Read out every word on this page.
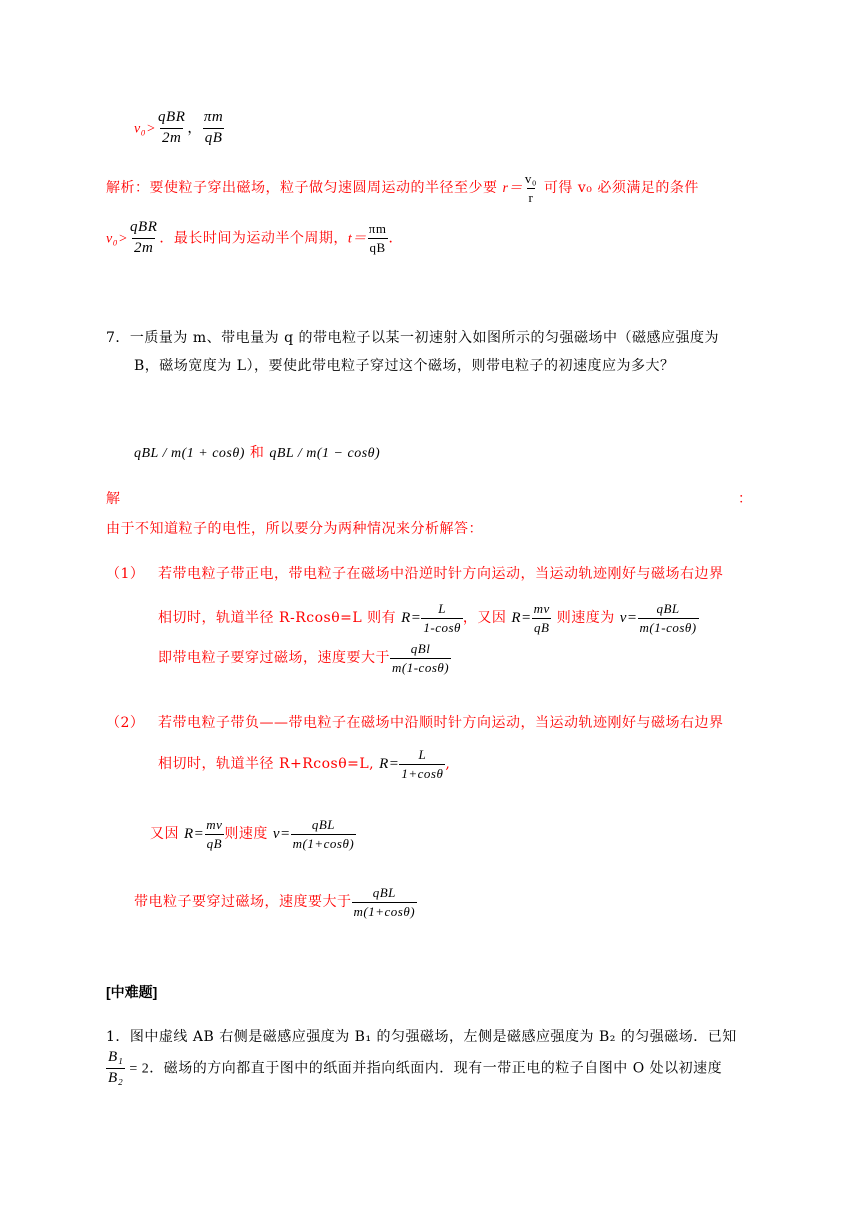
$v_0> \frac{\text{qBR}}{2m}$ ， $\frac{\pi m}{qB}$
解析：要使粒子穿出磁场，粒子做匀速圆周运动的半径至少要 $r= \frac{\text{v₀}}{r}$ 可得 v₀ 必须满足的条件
$v_0> \frac{\text{qBR}}{2m}$ ．最长时间为运动半个周期，$t= \frac{\pi m}{qB}$ ．
7．一质量为 m、带电量为 q 的带电粒子以某一初速射入如图所示的匀强磁场中（磁感应强度为
B，磁场宽度为 L），要使此带电粒子穿过这个磁场，则带电粒子的初速度应为多大？
qBL / m(1 + cosθ) 和 qBL / m(1 − cosθ)
解	：
由于不知道粒子的电性，所以要分为两种情况来分析解答：
（1） 若带电粒子带正电，带电粒子在磁场中沿逆时针方向运动，当运动轨迹刚好与磁场右边界
相切时，轨道半径 R-Rcosθ=L 则有 $R= \frac{L}{1-\cos\theta}$ ，又因 $R= \frac{mv}{qB}$ 则速度为 $v= \frac{\text{qBL}}{m(1-\cos\theta)}$
即带电粒子要穿过磁场，速度要大于 $\frac{\text{qBl}}{m(1-\cos\theta)}$
（2） 若带电粒子带负——带电粒子在磁场中沿顺时针方向运动，当运动轨迹刚好与磁场右边界
相切时，轨道半径 R+Rcosθ=L, $R= \frac{L}{1+\cos\theta}$ ,
又因 $R= \frac{mv}{qB}$ 则速度 $v= \frac{\text{qBL}}{m(1+\cos\theta)}$
带电粒子要穿过磁场，速度要大于 $\frac{\text{qBL}}{m(1+\cos\theta)}$
[中难题]
1．图中虚线 AB 右侧是磁感应强度为 B₁ 的匀强磁场，左侧是磁感应强度为 B₂ 的匀强磁场．已知
$\frac{\text{B₁}}{\text{B₂}} = 2$．磁场的方向都直于图中的纸面并指向纸面内．现有一带正电的粒子自图中 O 处以初速度
